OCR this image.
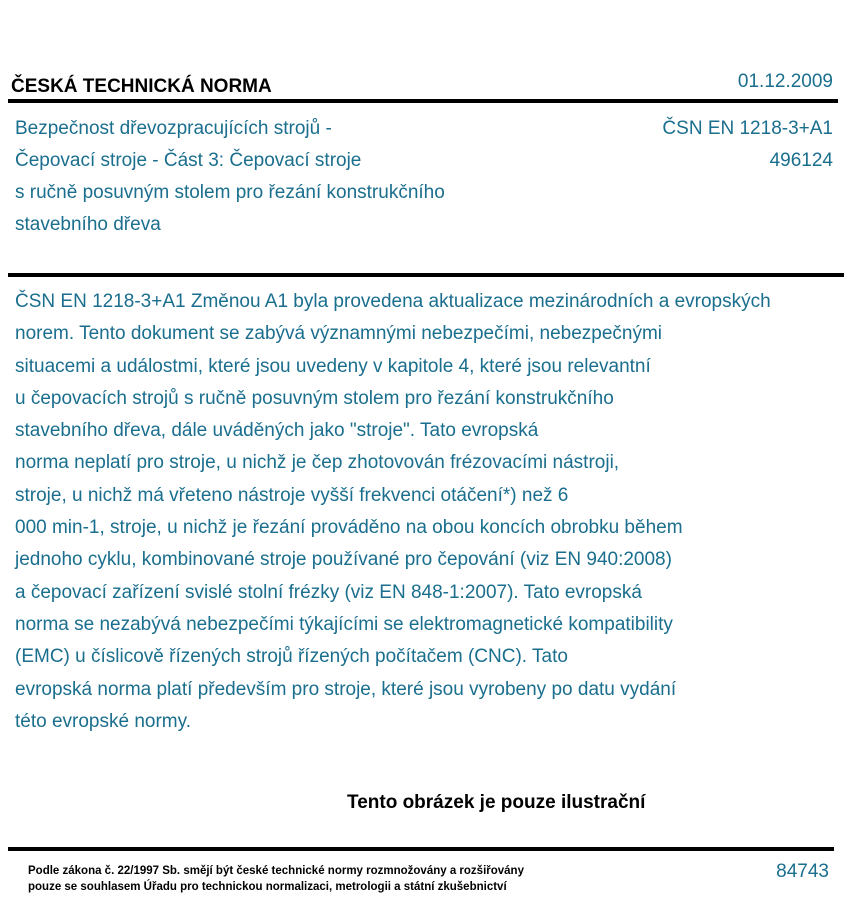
ČESKÁ TECHNICKÁ NORMA	01.12.2009
Bezpečnost dřevozpracujících strojů -
Čepovací stroje - Část 3: Čepovací stroje
s ručně posuvným stolem pro řezání konstrukčního
stavebního dřeva
ČSN EN 1218-3+A1
496124
ČSN EN 1218-3+A1 Změnou A1 byla provedena aktualizace mezinárodních a evropských
norem. Tento dokument se zabývá významnými nebezpečími, nebezpečnými
situacemi a událostmi, které jsou uvedeny v kapitole 4, které jsou relevantní
u čepovacích strojů s ručně posuvným stolem pro řezání konstrukčního
stavebního dřeva, dále uváděných jako "stroje". Tato evropská
norma neplatí pro stroje, u nichž je čep zhotovován frézovacími nástroji,
stroje, u nichž má vřeteno nástroje vyšší frekvenci otáčení*) než 6
000 min-1, stroje, u nichž je řezání prováděno na obou koncích obrobku během
jednoho cyklu, kombinované stroje používané pro čepování (viz EN 940:2008)
a čepovací zařízení svislé stolní frézky (viz EN 848-1:2007). Tato evropská
norma se nezabývá nebezpečími týkajícími se elektromagnetické kompatibility
(EMC) u číslicově řízených strojů řízených počítačem (CNC). Tato
evropská norma platí především pro stroje, které jsou vyrobeny po datu vydání
této evropské normy.
Tento obrázek je pouze ilustrační
Podle zákona č. 22/1997 Sb. smějí být české technické normy rozmnožovány a rozšiřovány
pouze se souhlasem Úřadu pro technickou normalizaci, metrologii a státní zkušebnictví
84743
